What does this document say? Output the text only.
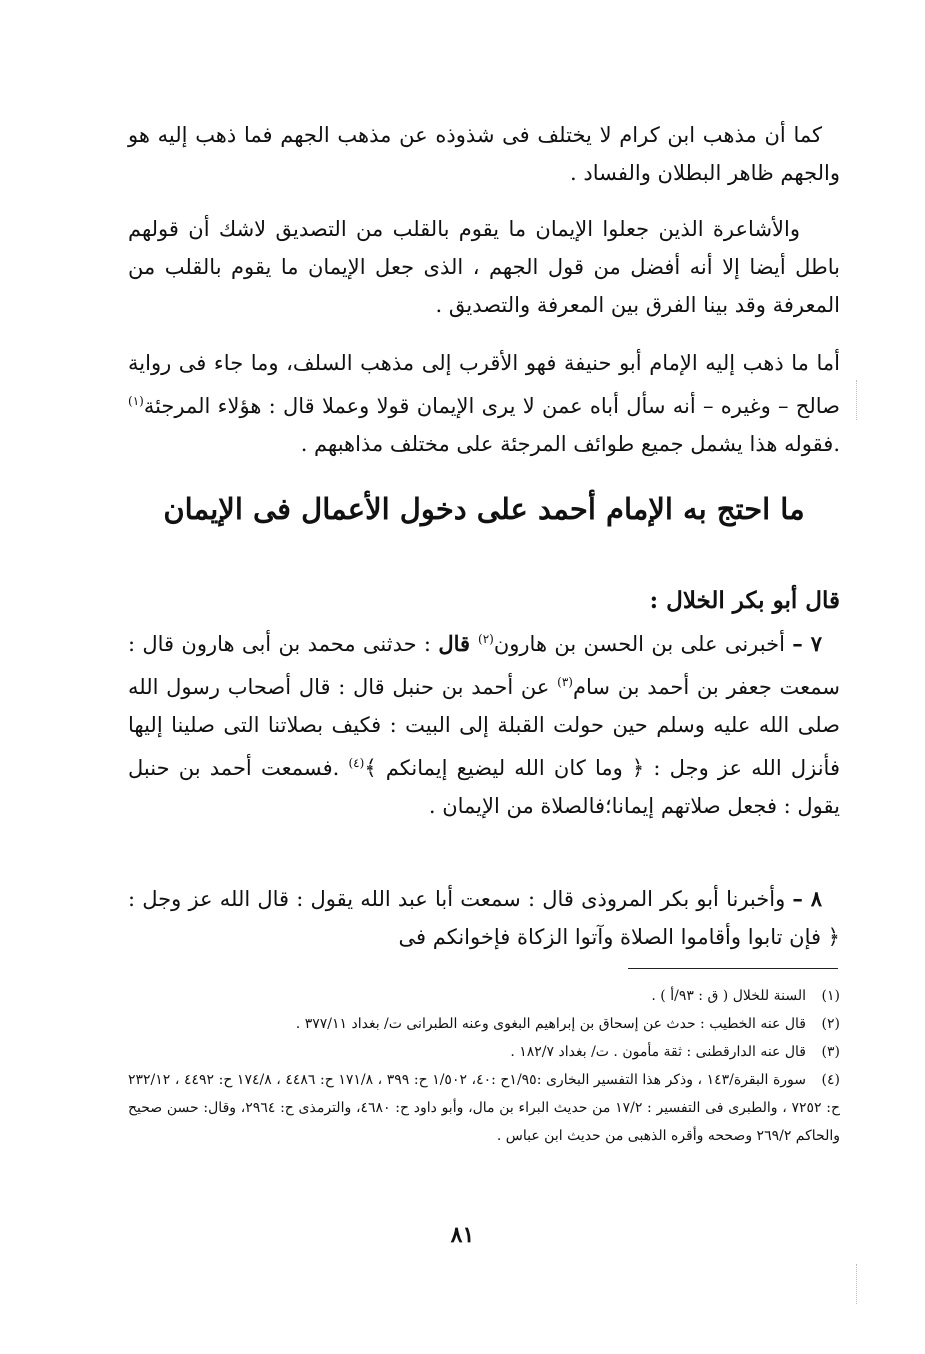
كما أن مذهب ابن كرام لا يختلف فى شذوذه عن مذهب الجهم فما ذهب إليه هو والجهم ظاهر البطلان والفساد .

والأشاعرة الذين جعلوا الإيمان ما يقوم بالقلب من التصديق لاشك أن قولهم باطل أيضا إلا أنه أفضل من قول الجهم ، الذى جعل الإيمان ما يقوم بالقلب من المعرفة وقد بينا الفرق بين المعرفة والتصديق .

أما ما ذهب إليه الإمام أبو حنيفة فهو الأقرب إلى مذهب السلف، وما جاء فى رواية صالح – وغيره – أنه سأل أباه عمن لا يرى الإيمان قولا وعملا قال : هؤلاء المرجئة$^{(١)}$ .فقوله هذا يشمل جميع طوائف المرجئة على مختلف مذاهبهم .

ما احتج به الإمام أحمد على دخول الأعمال فى الإيمان

قال أبو بكر الخلال :

٧ – أخبرنى على بن الحسن بن هارون$^{(٢)}$ قال : حدثنى محمد بن أبى هارون قال : سمعت جعفر بن أحمد بن سام$^{(٣)}$ عن أحمد بن حنبل قال : قال أصحاب رسول الله صلى الله عليه وسلم حين حولت القبلة إلى البيت : فكيف بصلاتنا التى صلينا إليها فأنزل الله عز وجل : ﴿ وما كان الله ليضيع إيمانكم ﴾$^{(٤)}$ .فسمعت أحمد بن حنبل يقول : فجعل صلاتهم إيمانا؛فالصلاة من الإيمان .

٨ – وأخبرنا أبو بكر المروذى قال : سمعت أبا عبد الله يقول : قال الله عز وجل : ﴿ فإن تابوا وأقاموا الصلاة وآتوا الزكاة فإخوانكم فى

(١)السنة للخلال ( ق : ٩٣/أ ) .

(٢)قال عنه الخطيب : حدث عن إسحاق بن إبراهيم البغوى وعنه الطبرانى ت/ بغداد ٣٧٧/١١ .

(٣)قال عنه الدارقطنى : ثقة مأمون . ت/ بغداد ١٨٢/٧ .

(٤)سورة البقرة/١٤٣ ، وذكر هذا التفسير البخارى :١/٩٥ح :٤٠، ١/٥٠٢ ح: ٣٩٩ ، ١٧١/٨ ح: ٤٤٨٦ ، ١٧٤/٨ ح: ٤٤٩٢ ، ٢٣٢/١٢ ح: ٧٢٥٢ ، والطبرى فى التفسير : ١٧/٢ من حديث البراء بن مال، وأبو داود ح: ٤٦٨٠، والترمذى ح: ٢٩٦٤، وقال: حسن صحيح والحاكم ٢٦٩/٢ وصححه وأقره الذهبى من حديث ابن عباس .

٨١
